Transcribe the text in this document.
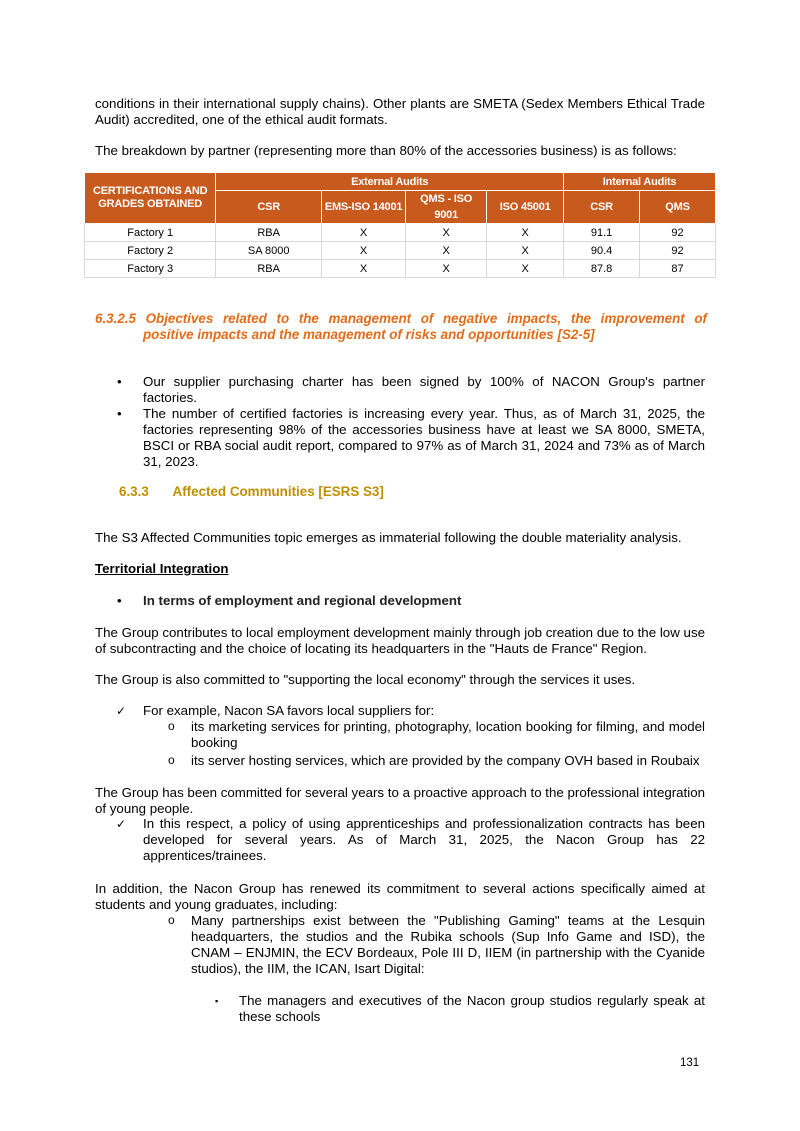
conditions in their international supply chains). Other plants are SMETA (Sedex Members Ethical Trade Audit) accredited, one of the ethical audit formats.
The breakdown by partner (representing more than 80% of the accessories business) is as follows:
CERTIFICATIONS AND GRADES OBTAINED	External Audits				Internal Audits	
	CSR	EMS-ISO 14001	QMS - ISO 9001	ISO 45001	CSR	QMS
Factory 1	RBA	X	X	X	91.1	92
Factory 2	SA 8000	X	X	X	90.4	92
Factory 3	RBA	X	X	X	87.8	87
6.3.2.5 Objectives related to the management of negative impacts, the improvement of
positive impacts and the management of risks and opportunities [S2-5]
• Our supplier purchasing charter has been signed by 100% of NACON Group's partner factories.
• The number of certified factories is increasing every year. Thus, as of March 31, 2025, the factories representing 98% of the accessories business have at least we SA 8000, SMETA, BSCI or RBA social audit report, compared to 97% as of March 31, 2024 and 73% as of March 31, 2023.
6.3.3 Affected Communities [ESRS S3]
The S3 Affected Communities topic emerges as immaterial following the double materiality analysis.
Territorial Integration
• In terms of employment and regional development
The Group contributes to local employment development mainly through job creation due to the low use of subcontracting and the choice of locating its headquarters in the "Hauts de France" Region.
The Group is also committed to "supporting the local economy" through the services it uses.
✓ For example, Nacon SA favors local suppliers for:
o its marketing services for printing, photography, location booking for filming, and model booking
o its server hosting services, which are provided by the company OVH based in Roubaix
The Group has been committed for several years to a proactive approach to the professional integration of young people.
✓ In this respect, a policy of using apprenticeships and professionalization contracts has been developed for several years. As of March 31, 2025, the Nacon Group has 22 apprentices/trainees.
In addition, the Nacon Group has renewed its commitment to several actions specifically aimed at students and young graduates, including:
o Many partnerships exist between the "Publishing Gaming" teams at the Lesquin headquarters, the studios and the Rubika schools (Sup Info Game and ISD), the CNAM – ENJMIN, the ECV Bordeaux, Pole III D, IIEM (in partnership with the Cyanide studios), the IIM, the ICAN, Isart Digital:
▪ The managers and executives of the Nacon group studios regularly speak at these schools
131
